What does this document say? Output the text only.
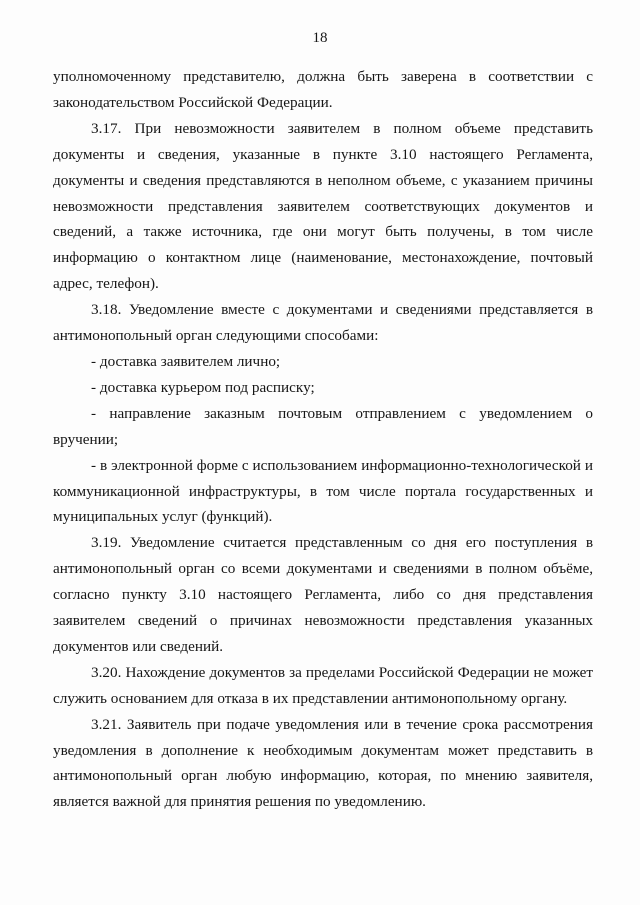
18

уполномоченному представителю, должна быть заверена в соответствии с законодательством Российской Федерации.

3.17. При невозможности заявителем в полном объеме представить документы и сведения, указанные в пункте 3.10 настоящего Регламента, документы и сведения представляются в неполном объеме, с указанием причины невозможности представления заявителем соответствующих документов и сведений, а также источника, где они могут быть получены, в том числе информацию о контактном лице (наименование, местонахождение, почтовый адрес, телефон).

3.18. Уведомление вместе с документами и сведениями представляется в антимонопольный орган следующими способами:

- доставка заявителем лично;

- доставка курьером под расписку;

- направление заказным почтовым отправлением с уведомлением о вручении;

- в электронной форме с использованием информационно-технологической и коммуникационной инфраструктуры, в том числе портала государственных и муниципальных услуг (функций).

3.19. Уведомление считается представленным со дня его поступления в антимонопольный орган со всеми документами и сведениями в полном объёме, согласно пункту 3.10 настоящего Регламента, либо со дня представления заявителем сведений о причинах невозможности представления указанных документов или сведений.

3.20. Нахождение документов за пределами Российской Федерации не может служить основанием для отказа в их представлении антимонопольному органу.

3.21. Заявитель при подаче уведомления или в течение срока рассмотрения уведомления в дополнение к необходимым документам может представить в антимонопольный орган любую информацию, которая, по мнению заявителя, является важной для принятия решения по уведомлению.
